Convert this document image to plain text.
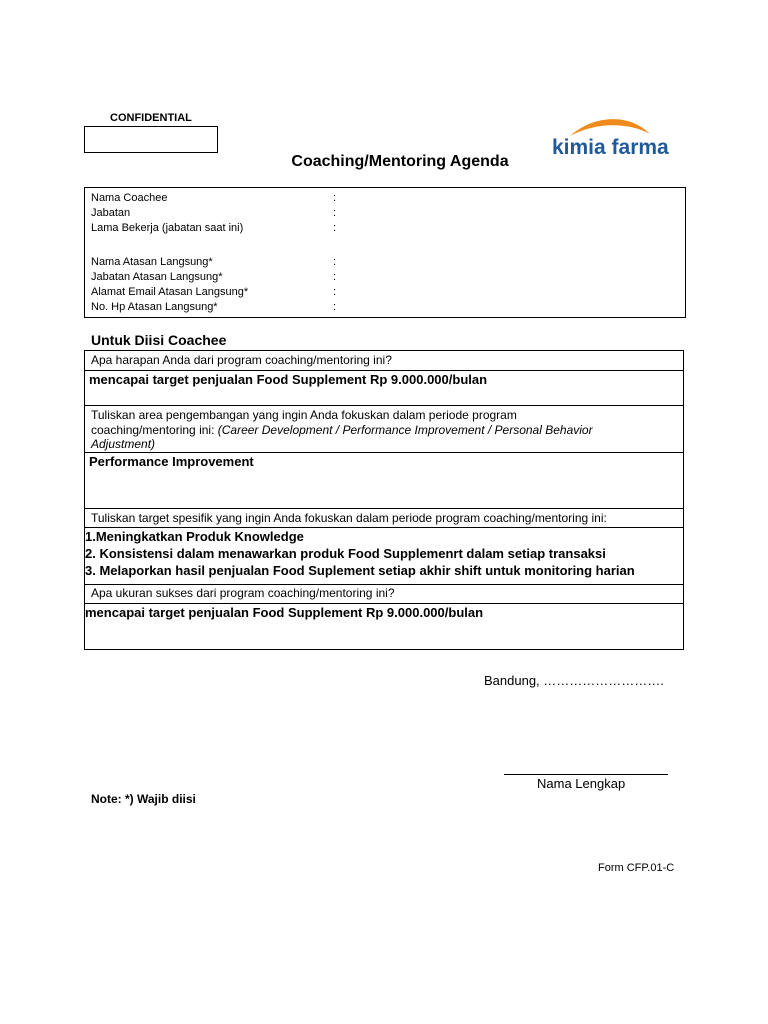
CONFIDENTIAL
Coaching/Mentoring Agenda
kimia farma
Nama Coachee	:
Jabatan	:
Lama Bekerja (jabatan saat ini)	:
Nama Atasan Langsung*	:
Jabatan Atasan Langsung*	:
Alamat Email Atasan Langsung*	:
No. Hp Atasan Langsung*	:
Untuk Diisi Coachee
Apa harapan Anda dari program coaching/mentoring ini?
mencapai target penjualan Food Supplement Rp 9.000.000/bulan
Tuliskan area pengembangan yang ingin Anda fokuskan dalam periode program
coaching/mentoring ini: (Career Development / Performance Improvement / Personal Behavior
Adjustment)
Performance Improvement
Tuliskan target spesifik yang ingin Anda fokuskan dalam periode program coaching/mentoring ini:
1.Meningkatkan Produk Knowledge
2. Konsistensi dalam menawarkan produk Food Supplemenrt dalam setiap transaksi
3. Melaporkan hasil penjualan Food Suplement setiap akhir shift untuk monitoring harian
Apa ukuran sukses dari program coaching/mentoring ini?
mencapai target penjualan Food Supplement Rp 9.000.000/bulan
Bandung, ……………………….
Nama Lengkap
Note: *) Wajib diisi
Form CFP.01-C
